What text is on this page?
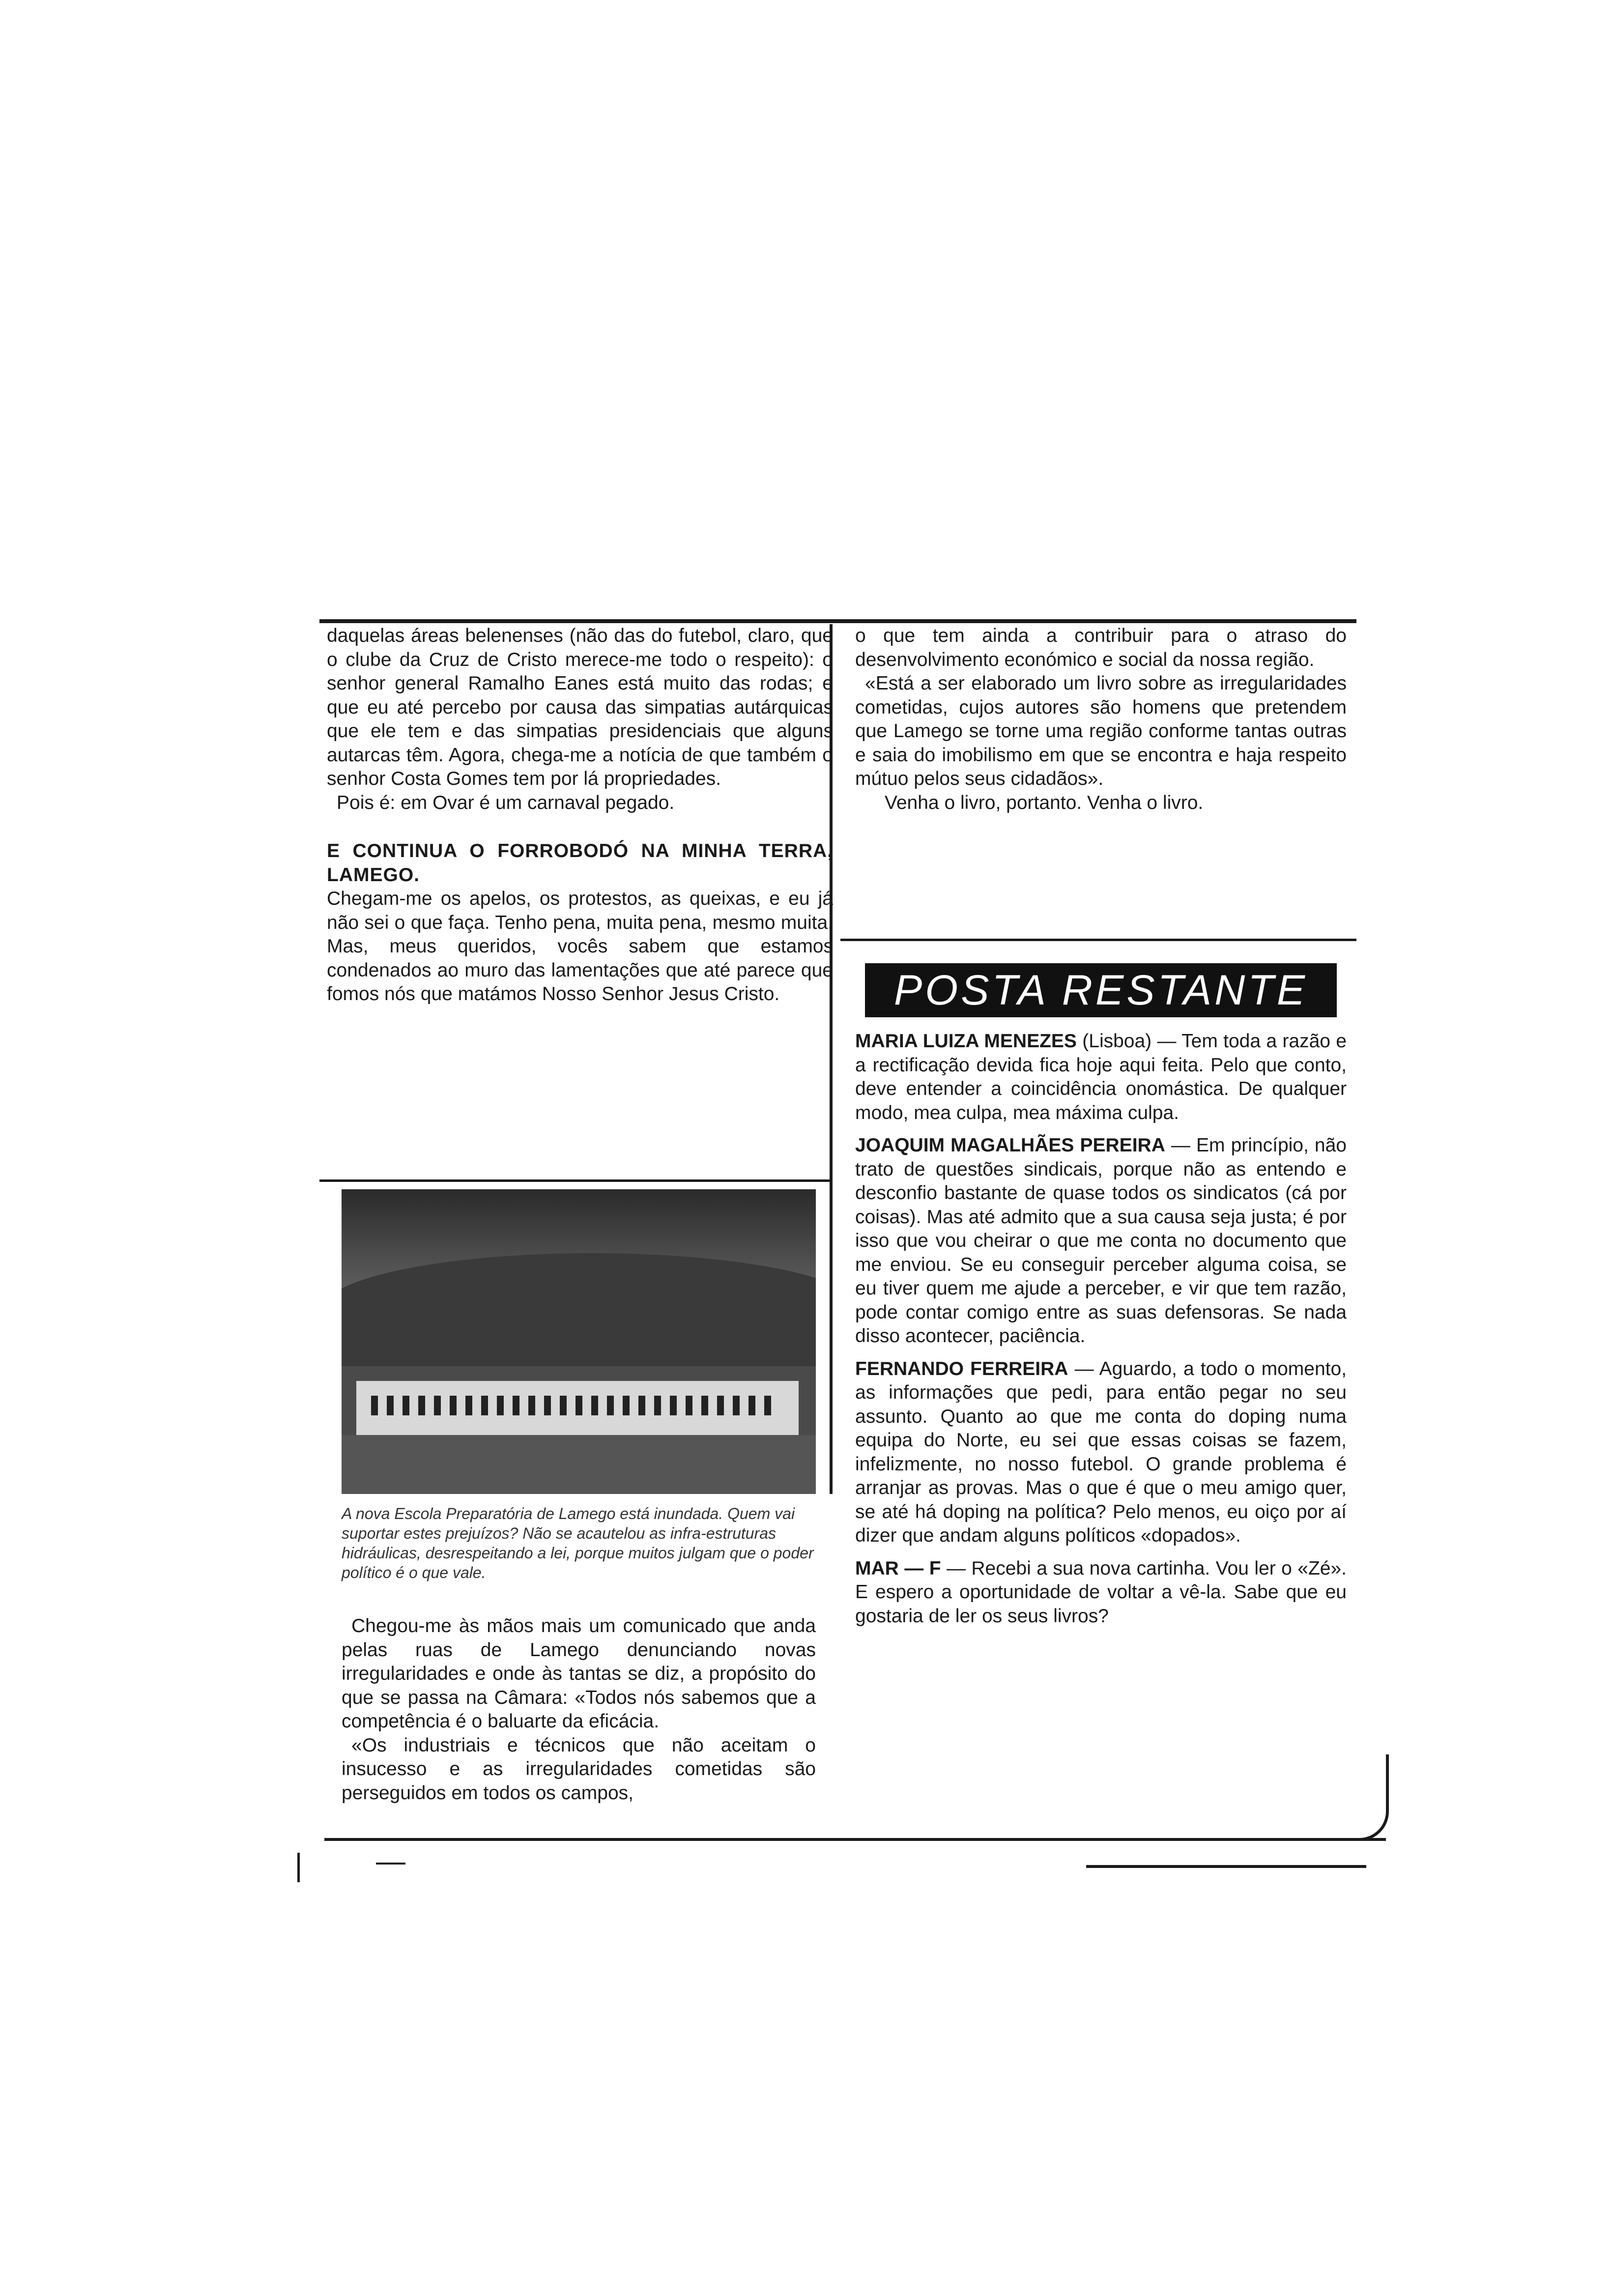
daquelas áreas belenenses (não das do futebol, claro, que o clube da Cruz de Cristo merece-me todo o respeito): o senhor general Ramalho Eanes está muito das rodas; e que eu até percebo por causa das simpatias autárquicas que ele tem e das simpatias presidenciais que alguns autarcas têm. Agora, chega-me a notícia de que também o senhor Costa Gomes tem por lá propriedades.

Pois é: em Ovar é um carnaval pegado.

E CONTINUA O FORROBODÓ NA MINHA TERRA, LAMEGO.

Chegam-me os apelos, os protestos, as queixas, e eu já não sei o que faça. Tenho pena, muita pena, mesmo muita. Mas, meus queridos, vocês sabem que estamos condenados ao muro das lamentações que até parece que fomos nós que matámos Nosso Senhor Jesus Cristo.

A nova Escola Preparatória de Lamego está inundada. Quem vai suportar estes prejuízos? Não se acautelou as infra-estruturas hidráulicas, desrespeitando a lei, porque muitos julgam que o poder político é o que vale.

Chegou-me às mãos mais um comunicado que anda pelas ruas de Lamego denunciando novas irregularidades e onde às tantas se diz, a propósito do que se passa na Câmara: «Todos nós sabemos que a competência é o baluarte da eficácia.

«Os industriais e técnicos que não aceitam o insucesso e as irregularidades cometidas são perseguidos em todos os campos,

o que tem ainda a contribuir para o atraso do desenvolvimento económico e social da nossa região.

«Está a ser elaborado um livro sobre as irregularidades cometidas, cujos autores são homens que pretendem que Lamego se torne uma região conforme tantas outras e saia do imobilismo em que se encontra e haja respeito mútuo pelos seus cidadãos».

Venha o livro, portanto. Venha o livro.

POSTA RESTANTE

MARIA LUIZA MENEZES (Lisboa) — Tem toda a razão e a rectificação devida fica hoje aqui feita. Pelo que conto, deve entender a coincidência onomástica. De qualquer modo, mea culpa, mea máxima culpa.

JOAQUIM MAGALHÃES PEREIRA — Em princípio, não trato de questões sindicais, porque não as entendo e desconfio bastante de quase todos os sindicatos (cá por coisas). Mas até admito que a sua causa seja justa; é por isso que vou cheirar o que me conta no documento que me enviou. Se eu conseguir perceber alguma coisa, se eu tiver quem me ajude a perceber, e vir que tem razão, pode contar comigo entre as suas defensoras. Se nada disso acontecer, paciência.

FERNANDO FERREIRA — Aguardo, a todo o momento, as informações que pedi, para então pegar no seu assunto. Quanto ao que me conta do doping numa equipa do Norte, eu sei que essas coisas se fazem, infelizmente, no nosso futebol. O grande problema é arranjar as provas. Mas o que é que o meu amigo quer, se até há doping na política? Pelo menos, eu oiço por aí dizer que andam alguns políticos «dopados».

MAR — F — Recebi a sua nova cartinha. Vou ler o «Zé». E espero a oportunidade de voltar a vê-la. Sabe que eu gostaria de ler os seus livros?
